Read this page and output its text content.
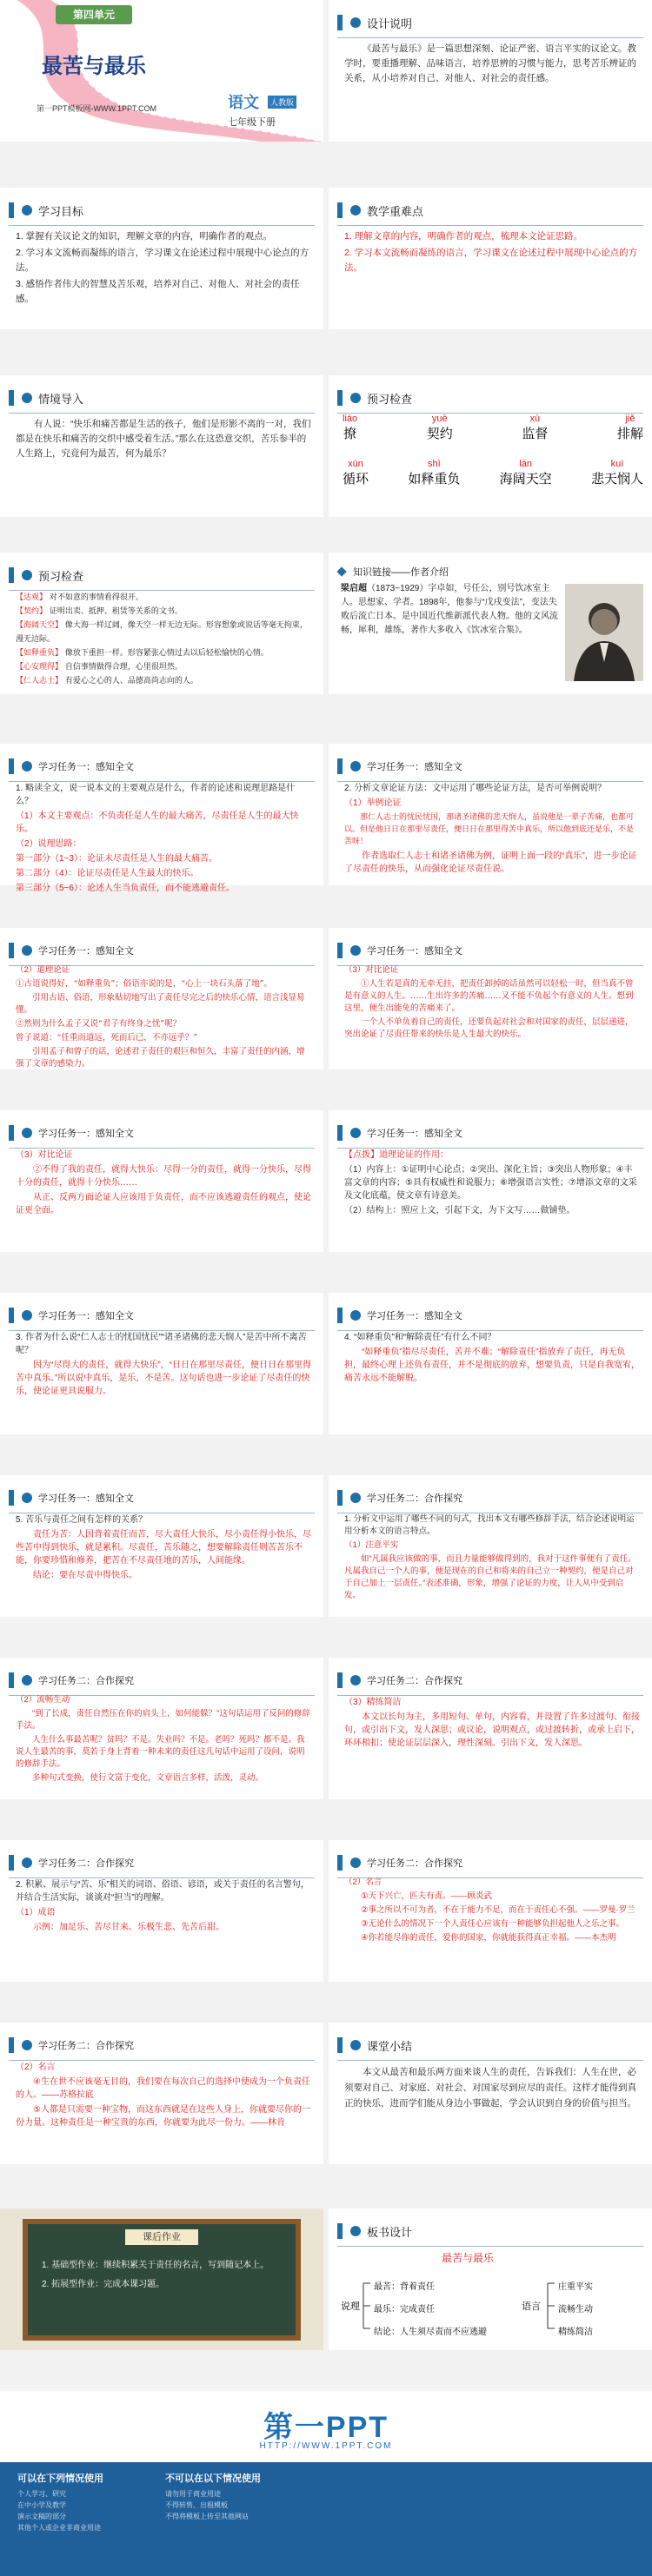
第四单元
最苦与最乐
第一PPT模板网-WWW.1PPT.COM	语文	人教版
七年级下册
设计说明
《最苦与最乐》是一篇思想深刻、论证严密、语言平实的议论文。教学时，要重播理解、品味语言，培养思辨的习惯与能力，思考苦乐辨证的关系，从小培养对自己、对他人、对社会的责任感。
学习目标

1. 掌握有关议论文的知识，理解文章的内容，明确作者的观点。

2. 学习本文流畅而凝练的语言，学习课文在论述过程中展现中心论点的方法。

3. 感悟作者伟大的智慧及苦乐观，培养对自己、对他人、对社会的责任感。

教学重难点

1. 理解文章的内容，明确作者的观点，梳理本文论证思路。

2. 学习本文流畅而凝练的语言，学习课文在论述过程中展现中心论点的方法。

情境导入
有人说：“快乐和痛苦都是生活的孩子，他们是形影不离的一对，我们都是在快乐和痛苦的交织中感受着生活。”那么在这恐意交织，苦乐参半的人生路上，究竟何为最苦，何为最乐？
预习检查
liáo
撩
yuē
契约
xù
监督
jiě
排解
xún
循环
shì
如释重负
lán
海阔天空
kuì
悲天悯人
预习检查
【达观】 对不如意的事情看得很开。
【契约】 证明出卖、抵押、租赁等关系的文书。
【海阔天空】 像大海一样辽阔，像天空一样无边无际。形容想象或说话等毫无拘束，漫无边际。
【如释重负】 像放下重担一样。形容紧张心情过去以后轻松愉快的心情。
【心安理得】 自信事情做得合理，心里很坦然。
【仁人志士】 有爱心之心的人、品德高尚志向的人。
知识链接——作者介绍
梁启超（1873~1929）字卓如，号任公，别号饮冰室主人。思想家、学者。1898年，他参与“戊戌变法”，变法失败后流亡日本。是中国近代维新派代表人物。他的文风流畅，犀利，雄练，著作大多收入《饮冰室合集》。
学习任务一：感知全文

1. 略读全文，说一说本文的主要观点是什么，作者的论述和说理思路是什么？

（1）本文主要观点：不负责任是人生的最大痛苦，尽责任是人生的最大快乐。

（2）说理思路：

第一部分（1~3）：论证未尽责任是人生的最大痛苦。

第二部分（4）：论证尽责任是人生最大的快乐。

第三部分（5~6）：论述人生当负责任，而不能逃避责任。

学习任务一：感知全文

2. 分析文章论证方法：文中运用了哪些论证方法，是否可举例说明？

（1）举例论证

那仁人志士的忧民忧国，那诸圣诸佛的悲天悯人，虽说他是一辈子苦痛，也都可以。但是他日日在那里尽责任，便日日在那里得苦中真乐，所以他到底还是乐，不是苦呀！

作者选取仁人志士和诸圣诸佛为例，证明上面一段的“真乐”，进一步论证了尽责任的快乐，从而强化论证尽责任说。

学习任务一：感知全文

（2）道理论证

①古语说得好，“如释重负”；俗语亦说的是，“心上一块石头落了地”。

引用古语、俗语，形象贴切地写出了责任尽完之后的快乐心情，语言浅显易懂。

②然则为什么孟子又说“君子有终身之忧”呢？

曾子说道：“任重而道远，死而后已，不亦远乎？”

引用孟子和曾子的话，论述君子责任的艰巨和恒久，丰富了责任的内涵，增强了文章的感染力。

学习任务一：感知全文

（3）对比论证

①人生若是真的无牵无挂，把责任卸掉的话虽然可以轻松一时，但当真不曾是有意义的人生。……生出许多的苦痛……又不能不负起个有意义的人生。想到这里，便生出能免的苦痛来了。

一个人不单负着自己的责任，还要负起对社会和对国家的责任，层层递进，突出论证了尽责任带来的快乐是人生最大的快乐。

学习任务一：感知全文

（3）对比论证

②不得了我的责任，就得大快乐：尽得一分的责任，就得一分快乐，尽得十分的责任，就得十分快乐……

从正、反两方面论证人应该用于负责任，而不应该逃避责任的观点，使论证更全面。

学习任务一：感知全文

【点拨】道理论证的作用：

（1）内容上：①证明中心论点；②突出、深化主旨；③突出人物形象；④丰富文章的内容；⑤具有权威性和说服力；⑥增强语言实性；⑦增添文章的文采及文化底蕴，使文章有诗意美。

（2）结构上：照应上文，引起下文，为下文写……做铺垫。

学习任务一：感知全文

3. 作者为什么说“仁人志士的忧国忧民”“诸圣诸佛的悲天悯人”是苦中所不离苦呢？

因为“尽得大的责任，就得大快乐”，“日日在那里尽责任，便日日在那里得苦中真乐。”所以说中真乐，是乐，不是苦。这句话也进一步论证了尽责任的快乐，使论证更具说服力。

学习任务一：感知全文

4. “如释重负”和“解除责任”有什么不同？

“如释重负”指尽尽责任，苦并不难；“解除责任”指放弃了责任，再无负担，最终心理上还负有责任，并不是彻底的放弃，想要负责，只是自我宽宥，痛苦永远不能解脱。

学习任务一：感知全文

5. 苦乐与责任之间有怎样的关系？

责任为苦：人因背着责任而苦，尽大责任大快乐，尽小责任得小快乐，尽些苦中得到快乐，就是累积。尽责任，苦乐随之，想要解除责任则苦苦乐不能，你要珍惜和修养，把苦在不尽责任地的苦乐，人间能缘。

结论：要在尽责中得快乐。

学习任务二：合作探究

1. 分析文中运用了哪些不同的句式，找出本文有哪些修辞手法，结合论述说明运用分析本文的语言特点。

（1）注意平实

如“凡属我应该做的事，而且力量能够做得到的，我对于这件事便有了责任。凡属我自己一个人的事，便是现在的自己和将来的自己立一种契约，便是自己对于自己加上一层责任。”表述准确，形象，增强了论证的力度，让人从中受到启发。

学习任务二：合作探究

（2）流畅生动

“到了长成，责任自然压在你的肩头上，如何能躲？”这句话运用了反问的修辞手法。

人生什么事最苦呢？贫吗？不是。失业吗？不是。老吗？死吗？都不是。我说人生最苦的事，莫若于身上背着一种未来的责任这几句话中运用了设问，说明的修辞手法。

多种句式变换，使行文富于变化，文章语言多样，活泼，灵动。

学习任务二：合作探究

（3）精练简洁

本文以长句为主，多用短句、单句，内容看，并设置了许多过渡句、衔接句，或引出下文，发人深思；或议论，说明观点，或过渡转折，或承上启下，环环相扣；使论证层层深入，理性深刻。引出下文，发人深思。

学习任务二：合作探究

2. 积累、展示与“苦、乐”相关的词语、俗语、谚语，或关于责任的名言警句，并结合生活实际，谈谈对“担当”的理解。

（1）成语

示例：加足乐、苦尽甘来、乐极生悲、先苦后甜。

学习任务二：合作探究

（2）名言

①天下兴亡，匹夫有责。——顾炎武

②事之所以不可为者，不在于能力不足，而在于责任心不强。——罗曼·罗兰

③无论什么的情况下一个人责任心应该有一种能够负担起他人之乐之事。

④你若能尽你的责任，爱你的国家，你就能获得真正幸福。——本杰明

学习任务二：合作探究

（2）名言

④生在世不应该毫无目的，我们要在每次自己的选择中使成为一个负责任的人。——苏格拉底

⑤人都是只需要一种宝物，而这东西就是在这些人身上，你就要尽你的一份力量。这种责任是一种宝贵的东西，你就要为此尽一份力。——林肯

课堂小结
本文从最苦和最乐两方面来谈人生的责任，告诉我们：人生在世，必须要对自己、对家庭、对社会、对国家尽到应尽的责任。这样才能得到真正的快乐，进而学们能从身边小事做起，学会认识到自身的价值与担当。
课后作业

1. 基础型作业：继续积累关于责任的名言，写到随记本上。

2. 拓展型作业：完成本课习题。

板书设计
最苦与最乐
说理
最苦：背着责任
最乐：完成责任
结论：人生须尽责而不应逃避
语言
庄重平实
流畅生动
精练简洁
第一PPT
HTTP://WWW.1PPT.COM
可以在下列情况使用
个人学习、研究
在中小学及教学
演示文稿的部分
其他个人或企业非商业用途
不可以在以下情况使用
请勿用于商业用途
不得转售、出租模板
不得将模板上传至其他网站
